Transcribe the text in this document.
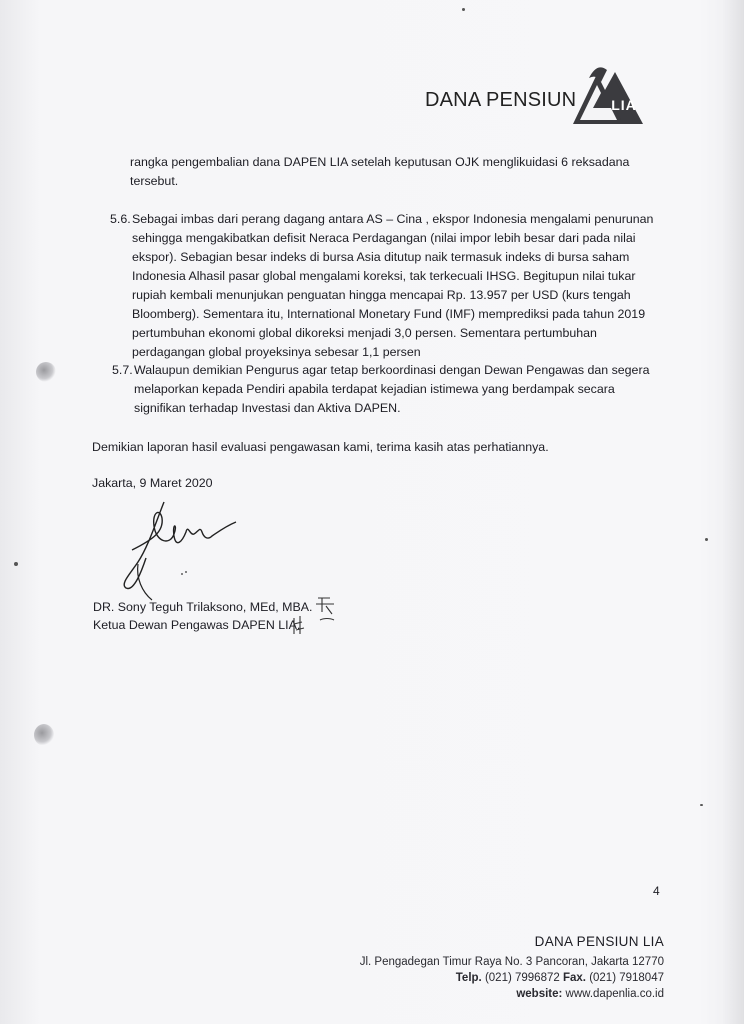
DANA PENSIUN	LIA
rangka pengembalian dana DAPEN LIA setelah keputusan OJK menglikuidasi 6 reksadana
tersebut.
5.6. Sebagai imbas dari perang dagang antara AS – Cina , ekspor Indonesia mengalami penurunan
sehingga mengakibatkan defisit Neraca Perdagangan (nilai impor lebih besar dari pada nilai
ekspor). Sebagian besar indeks di bursa Asia ditutup naik termasuk indeks di bursa saham
Indonesia Alhasil pasar global mengalami koreksi, tak terkecuali IHSG. Begitupun nilai tukar
rupiah kembali menunjukan penguatan hingga mencapai Rp. 13.957 per USD (kurs tengah
Bloomberg). Sementara itu, International Monetary Fund (IMF) memprediksi pada tahun 2019
pertumbuhan ekonomi global dikoreksi menjadi 3,0 persen. Sementara pertumbuhan
perdagangan global proyeksinya sebesar 1,1 persen
5.7. Walaupun demikian Pengurus agar tetap berkoordinasi dengan Dewan Pengawas dan segera
melaporkan kepada Pendiri apabila terdapat kejadian istimewa yang berdampak secara
signifikan terhadap Investasi dan Aktiva DAPEN.
Demikian laporan hasil evaluasi pengawasan kami, terima kasih atas perhatiannya.
Jakarta, 9 Maret 2020
DR. Sony Teguh Trilaksono, MEd, MBA.
Ketua Dewan Pengawas DAPEN LIA.
4
DANA PENSIUN LIA
Jl. Pengadegan Timur Raya No. 3 Pancoran, Jakarta 12770
Telp. (021) 7996872 Fax. (021) 7918047
website: www.dapenlia.co.id
